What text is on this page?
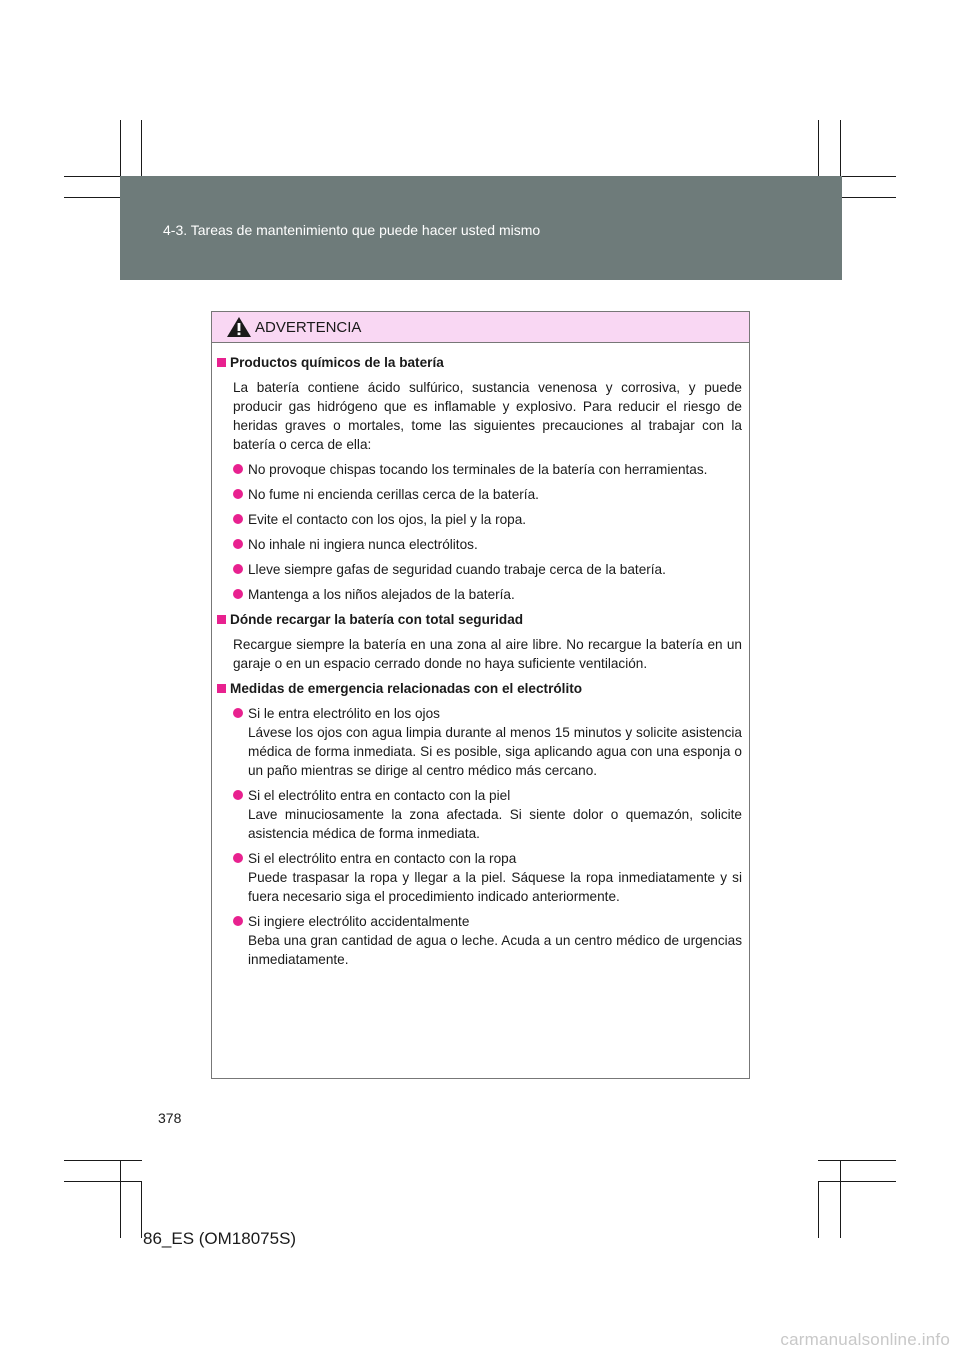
4-3. Tareas de mantenimiento que puede hacer usted mismo
ADVERTENCIA
Productos químicos de la batería
La batería contiene ácido sulfúrico, sustancia venenosa y corrosiva, y puede producir gas hidrógeno que es inflamable y explosivo. Para reducir el riesgo de heridas graves o mortales, tome las siguientes precauciones al trabajar con la batería o cerca de ella:
No provoque chispas tocando los terminales de la batería con herramientas.
No fume ni encienda cerillas cerca de la batería.
Evite el contacto con los ojos, la piel y la ropa.
No inhale ni ingiera nunca electrólitos.
Lleve siempre gafas de seguridad cuando trabaje cerca de la batería.
Mantenga a los niños alejados de la batería.
Dónde recargar la batería con total seguridad
Recargue siempre la batería en una zona al aire libre. No recargue la batería en un garaje o en un espacio cerrado donde no haya suficiente ventilación.
Medidas de emergencia relacionadas con el electrólito
Si le entra electrólito en los ojos
Lávese los ojos con agua limpia durante al menos 15 minutos y solicite asistencia médica de forma inmediata. Si es posible, siga aplicando agua con una esponja o un paño mientras se dirige al centro médico más cercano.
Si el electrólito entra en contacto con la piel
Lave minuciosamente la zona afectada. Si siente dolor o quemazón, solicite asistencia médica de forma inmediata.
Si el electrólito entra en contacto con la ropa
Puede traspasar la ropa y llegar a la piel. Sáquese la ropa inmediatamente y si fuera necesario siga el procedimiento indicado anteriormente.
Si ingiere electrólito accidentalmente
Beba una gran cantidad de agua o leche. Acuda a un centro médico de urgencias inmediatamente.
378
86_ES (OM18075S)
carmanualsonline.info
